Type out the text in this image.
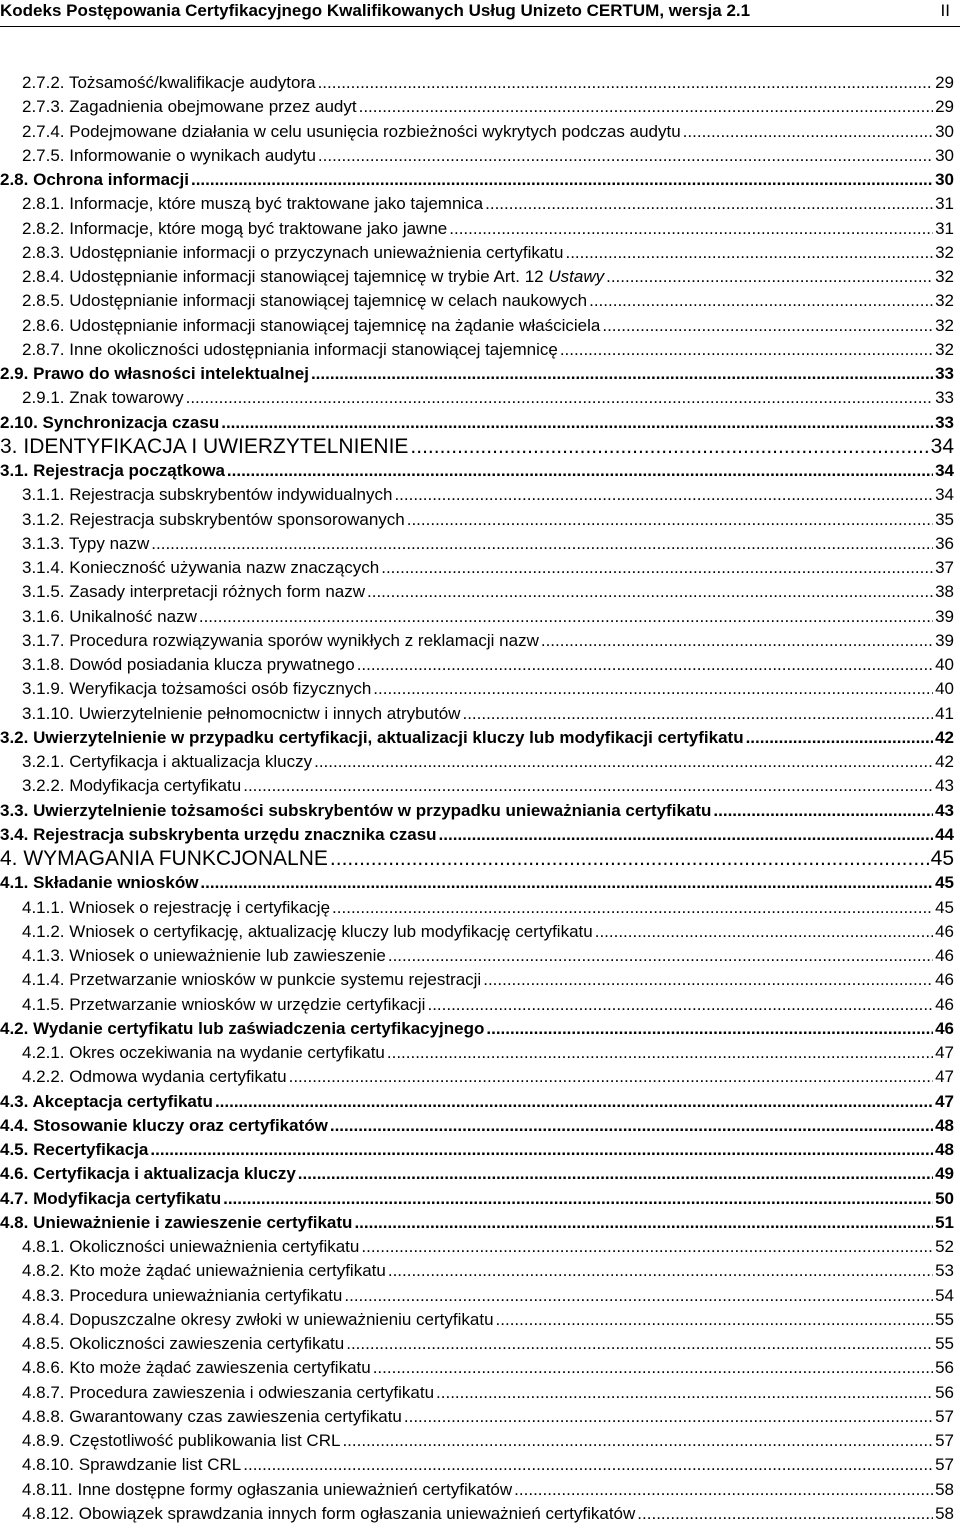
Kodeks Postępowania Certyfikacyjnego Kwalifikowanych Usług Unizeto CERTUM, wersja 2.1	II
2.7.2. Tożsamość/kwalifikacje audytora .....	29
2.7.3. Zagadnienia obejmowane przez audyt .....	29
2.7.4. Podejmowane działania w celu usunięcia rozbieżności wykrytych podczas audytu .....	30
2.7.5. Informowanie o wynikach audytu .....	30
2.8. Ochrona informacji .....	30
2.8.1. Informacje, które muszą być traktowane jako tajemnica .....	31
2.8.2. Informacje, które mogą być traktowane jako jawne .....	31
2.8.3. Udostępnianie informacji o przyczynach unieważnienia certyfikatu .....	32
2.8.4. Udostępnianie informacji stanowiącej tajemnicę w trybie Art. 12 Ustawy .....	32
2.8.5. Udostępnianie informacji stanowiącej tajemnicę w celach naukowych .....	32
2.8.6. Udostępnianie informacji stanowiącej tajemnicę na żądanie właściciela .....	32
2.8.7. Inne okoliczności udostępniania informacji stanowiącej tajemnicę .....	32
2.9. Prawo do własności intelektualnej .....	33
2.9.1. Znak towarowy .....	33
2.10. Synchronizacja czasu .....	33
3. IDENTYFIKACJA I UWIERZYTELNIENIE .....	34
3.1. Rejestracja początkowa .....	34
3.1.1. Rejestracja subskrybentów indywidualnych .....	34
3.1.2. Rejestracja subskrybentów sponsorowanych .....	35
3.1.3. Typy nazw .....	36
3.1.4. Konieczność używania nazw znaczących .....	37
3.1.5. Zasady interpretacji różnych form nazw .....	38
3.1.6. Unikalność nazw .....	39
3.1.7. Procedura rozwiązywania sporów wynikłych z reklamacji nazw .....	39
3.1.8. Dowód posiadania klucza prywatnego .....	40
3.1.9. Weryfikacja tożsamości osób fizycznych .....	40
3.1.10. Uwierzytelnienie pełnomocnictw i innych atrybutów .....	41
3.2. Uwierzytelnienie w przypadku certyfikacji, aktualizacji kluczy lub modyfikacji certyfikatu .....	42
3.2.1. Certyfikacja i aktualizacja kluczy .....	42
3.2.2. Modyfikacja certyfikatu .....	43
3.3. Uwierzytelnienie tożsamości subskrybentów w przypadku unieważniania certyfikatu .....	43
3.4. Rejestracja subskrybenta urzędu znacznika czasu .....	44
4. WYMAGANIA FUNKCJONALNE .....	45
4.1. Składanie wniosków .....	45
4.1.1. Wniosek o rejestrację i certyfikację .....	45
4.1.2. Wniosek o certyfikację, aktualizację kluczy lub modyfikację certyfikatu .....	46
4.1.3. Wniosek o unieważnienie lub zawieszenie .....	46
4.1.4. Przetwarzanie wniosków w punkcie systemu rejestracji .....	46
4.1.5. Przetwarzanie wniosków w urzędzie certyfikacji .....	46
4.2. Wydanie certyfikatu lub zaświadczenia certyfikacyjnego .....	46
4.2.1. Okres oczekiwania na wydanie certyfikatu .....	47
4.2.2. Odmowa wydania certyfikatu .....	47
4.3. Akceptacja certyfikatu .....	47
4.4. Stosowanie kluczy oraz certyfikatów .....	48
4.5. Recertyfikacja .....	48
4.6. Certyfikacja i aktualizacja kluczy .....	49
4.7. Modyfikacja certyfikatu .....	50
4.8. Unieważnienie i zawieszenie certyfikatu .....	51
4.8.1. Okoliczności unieważnienia certyfikatu .....	52
4.8.2. Kto może żądać unieważnienia certyfikatu .....	53
4.8.3. Procedura unieważniania certyfikatu .....	54
4.8.4. Dopuszczalne okresy zwłoki w unieważnieniu certyfikatu .....	55
4.8.5. Okoliczności zawieszenia certyfikatu .....	55
4.8.6. Kto może żądać zawieszenia certyfikatu .....	56
4.8.7. Procedura zawieszenia i odwieszania certyfikatu .....	56
4.8.8. Gwarantowany czas zawieszenia certyfikatu .....	57
4.8.9. Częstotliwość publikowania list CRL .....	57
4.8.10. Sprawdzanie list CRL .....	57
4.8.11. Inne dostępne formy ogłaszania unieważnień certyfikatów .....	58
4.8.12. Obowiązek sprawdzania innych form ogłaszania unieważnień certyfikatów .....	58
